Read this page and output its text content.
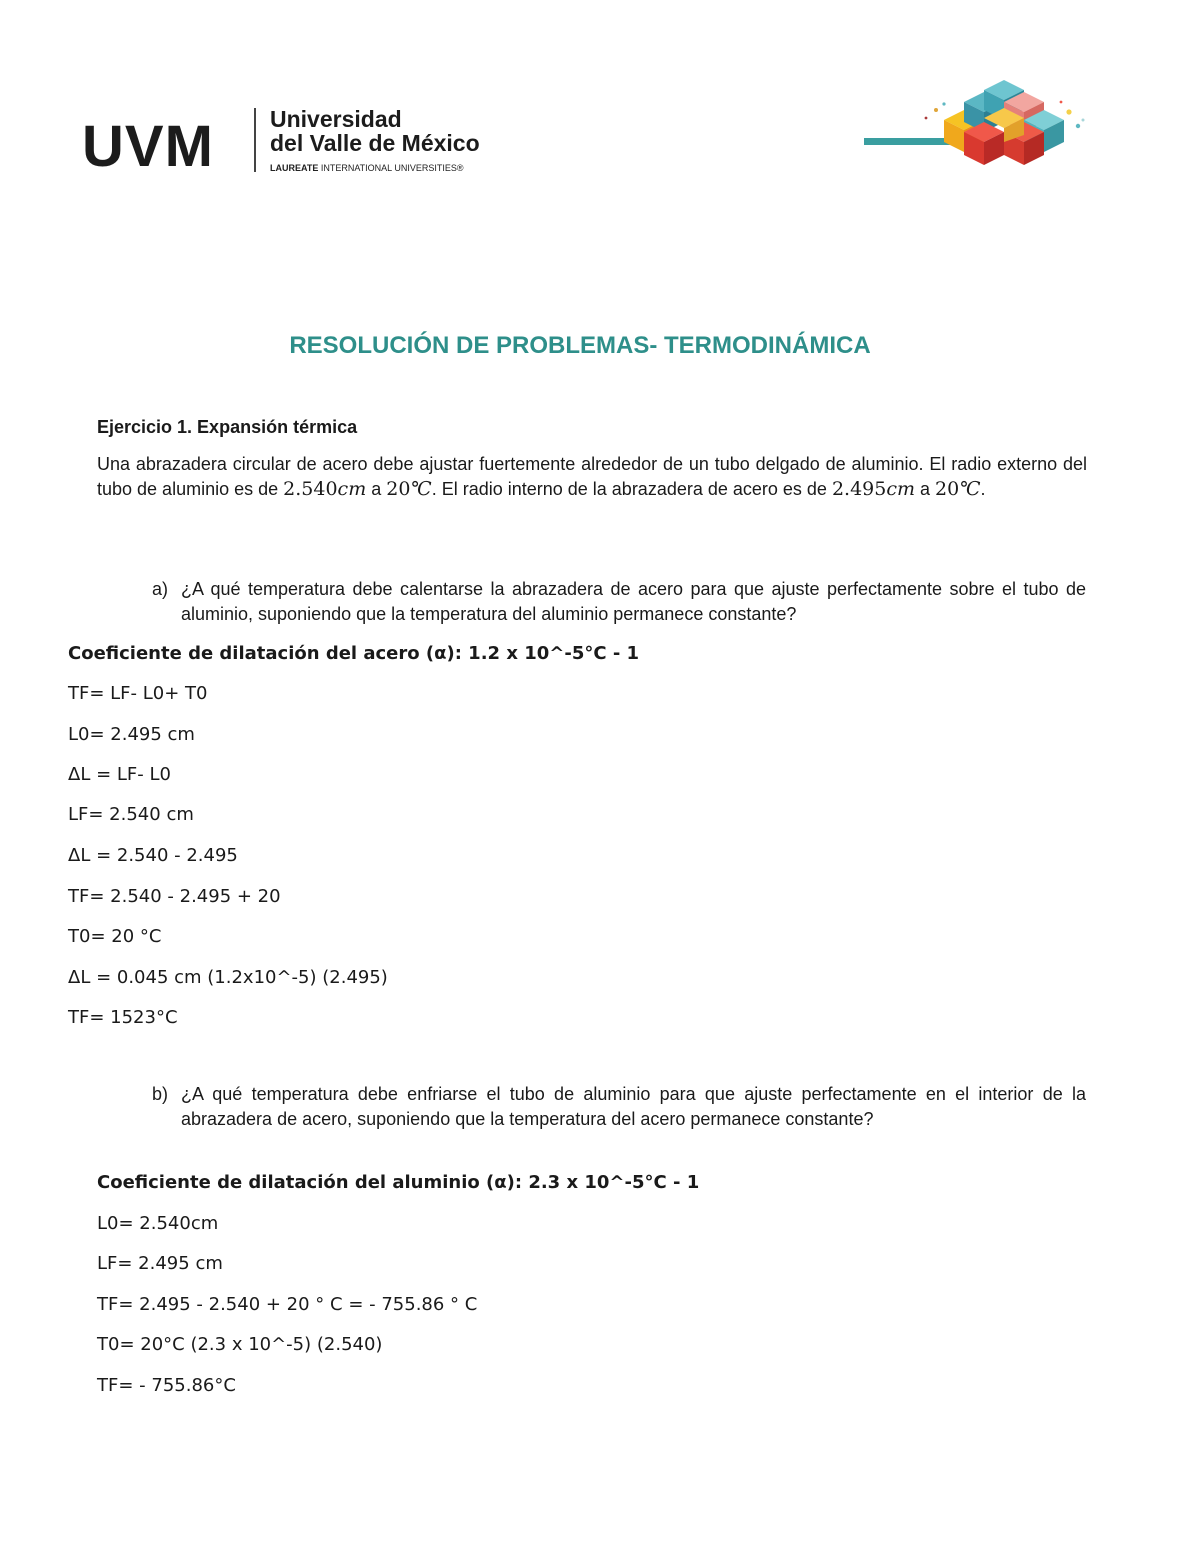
UVM Universidad
del Valle de México
LAUREATE INTERNATIONAL UNIVERSITIES®
RESOLUCIÓN DE PROBLEMAS- TERMODINÁMICA
Ejercicio 1. Expansión térmica
Una abrazadera circular de acero debe ajustar fuertemente alrededor de un tubo delgado de aluminio. El radio externo del tubo de aluminio es de 2.540cm a 20℃. El radio interno de la abrazadera de acero es de 2.495cm a 20℃.
a) ¿A qué temperatura debe calentarse la abrazadera de acero para que ajuste perfectamente sobre el tubo de aluminio, suponiendo que la temperatura del aluminio permanece constante?
Coeficiente de dilatación del acero (α): 1.2 x 10^-5°C - 1
TF= LF- L0+ T0
L0= 2.495 cm
ΔL = LF- L0
LF= 2.540 cm
ΔL = 2.540 - 2.495
TF= 2.540 - 2.495 + 20
T0= 20 °C
ΔL = 0.045 cm (1.2x10^-5) (2.495)
TF= 1523°C
b) ¿A qué temperatura debe enfriarse el tubo de aluminio para que ajuste perfectamente en el interior de la abrazadera de acero, suponiendo que la temperatura del acero permanece constante?
Coeficiente de dilatación del aluminio (α): 2.3 x 10^-5°C - 1
L0= 2.540cm
LF= 2.495 cm
TF= 2.495 - 2.540 + 20 ° C = - 755.86 ° C
T0= 20°C (2.3 x 10^-5) (2.540)
TF= - 755.86°C
